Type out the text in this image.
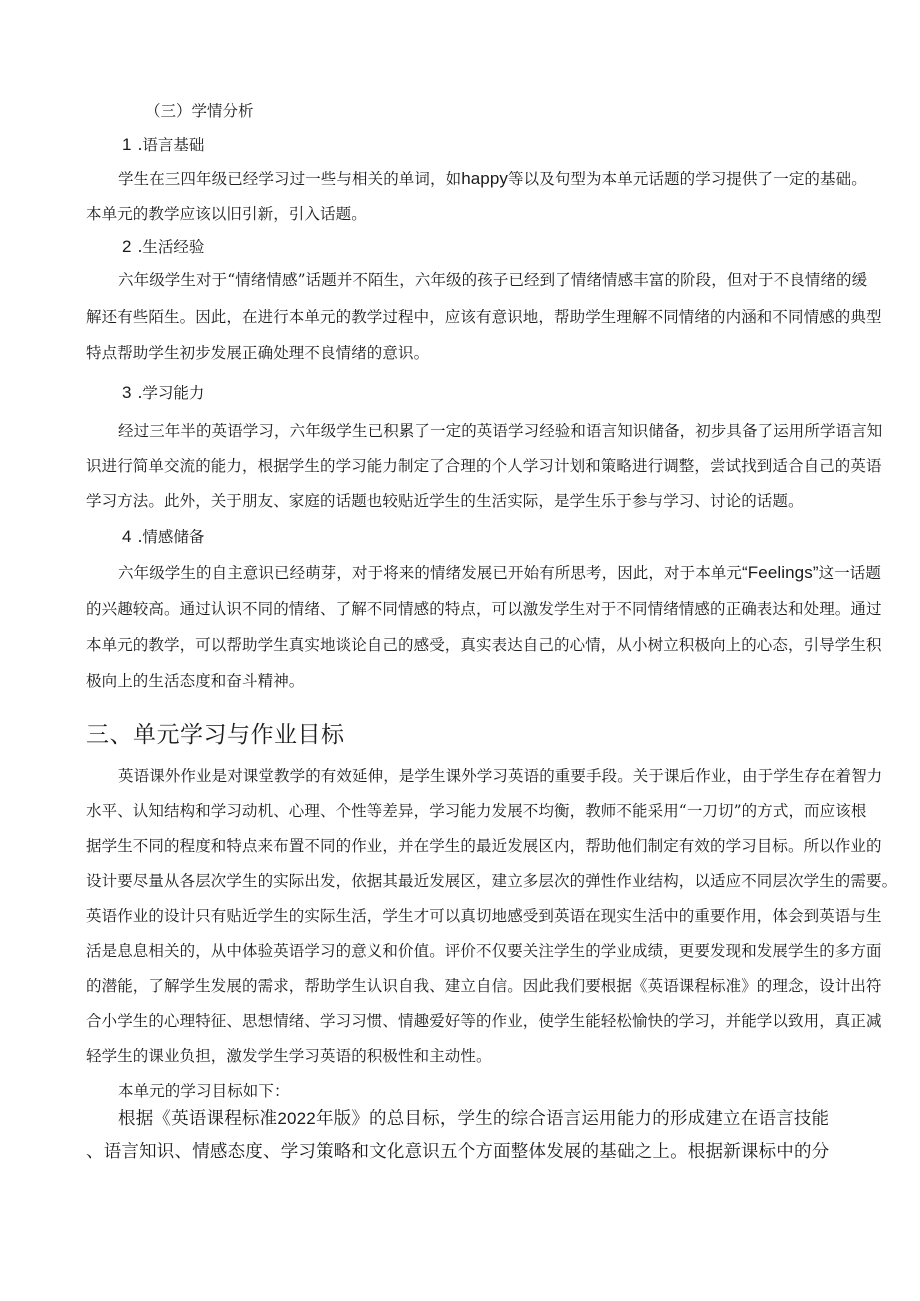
（三）学情分析
1 .语言基础
学生在三四年级已经学习过一些与相关的单词，如happy等以及句型为本单元话题的学习提供了一定的基础。
本单元的教学应该以旧引新，引入话题。
2 .生活经验
六年级学生对于“情绪情感”话题并不陌生，六年级的孩子已经到了情绪情感丰富的阶段，但对于不良情绪的缓
解还有些陌生。因此，在进行本单元的教学过程中，应该有意识地，帮助学生理解不同情绪的内涵和不同情感的典型
特点帮助学生初步发展正确处理不良情绪的意识。
3 .学习能力
经过三年半的英语学习，六年级学生已积累了一定的英语学习经验和语言知识储备，初步具备了运用所学语言知
识进行简单交流的能力，根据学生的学习能力制定了合理的个人学习计划和策略进行调整，尝试找到适合自己的英语
学习方法。此外，关于朋友、家庭的话题也较贴近学生的生活实际，是学生乐于参与学习、讨论的话题。
4 .情感储备
六年级学生的自主意识已经萌芽，对于将来的情绪发展已开始有所思考，因此，对于本单元“Feelings”这一话题
的兴趣较高。通过认识不同的情绪、了解不同情感的特点，可以激发学生对于不同情绪情感的正确表达和处理。通过
本单元的教学，可以帮助学生真实地谈论自己的感受，真实表达自己的心情，从小树立积极向上的心态，引导学生积
极向上的生活态度和奋斗精神。
三、单元学习与作业目标
英语课外作业是对课堂教学的有效延伸，是学生课外学习英语的重要手段。关于课后作业，由于学生存在着智力
水平、认知结构和学习动机、心理、个性等差异，学习能力发展不均衡，教师不能采用“一刀切”的方式，而应该根
据学生不同的程度和特点来布置不同的作业，并在学生的最近发展区内，帮助他们制定有效的学习目标。所以作业的
设计要尽量从各层次学生的实际出发，依据其最近发展区，建立多层次的弹性作业结构，以适应不同层次学生的需要。
英语作业的设计只有贴近学生的实际生活，学生才可以真切地感受到英语在现实生活中的重要作用，体会到英语与生
活是息息相关的，从中体验英语学习的意义和价值。评价不仅要关注学生的学业成绩，更要发现和发展学生的多方面
的潜能，了解学生发展的需求，帮助学生认识自我、建立自信。因此我们要根据《英语课程标准》的理念，设计出符
合小学生的心理特征、思想情绪、学习习惯、情趣爱好等的作业，使学生能轻松愉快的学习，并能学以致用，真正减
轻学生的课业负担，激发学生学习英语的积极性和主动性。
本单元的学习目标如下：
根据《英语课程标准2022年版》的总目标，学生的综合语言运用能力的形成建立在语言技能
、语言知识、情感态度、学习策略和文化意识五个方面整体发展的基础之上。根据新课标中的分
